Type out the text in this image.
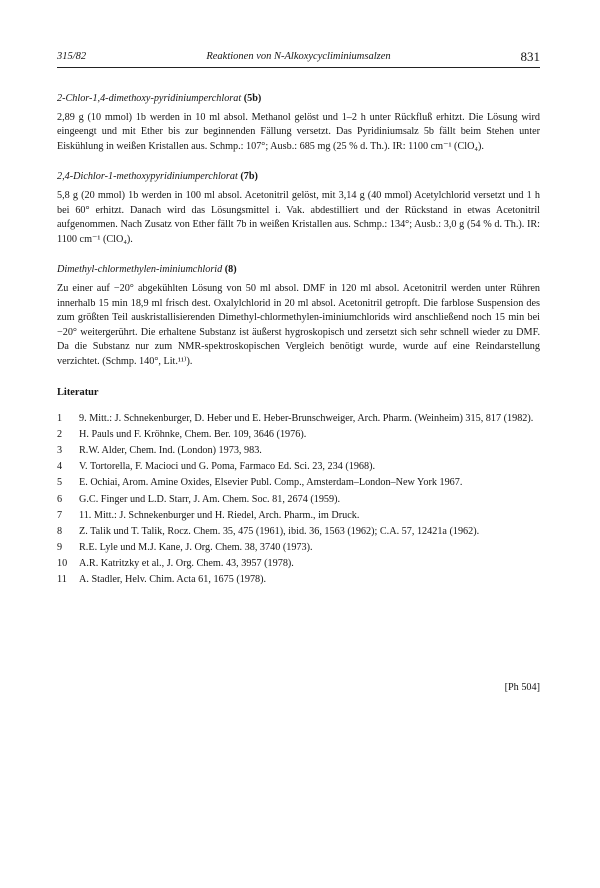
315/82	Reaktionen von N-Alkoxycycliminiumsalzen	831
2-Chlor-1,4-dimethoxy-pyridiniumperchlorat (5b)
2,89 g (10 mmol) 1b werden in 10 ml absol. Methanol gelöst und 1–2 h unter Rückfluß erhitzt. Die Lösung wird eingeengt und mit Ether bis zur beginnenden Fällung versetzt. Das Pyridiniumsalz 5b fällt beim Stehen unter Eiskühlung in weißen Kristallen aus. Schmp.: 107°; Ausb.: 685 mg (25 % d. Th.). IR: 1100 cm⁻¹ (ClO₄).
2,4-Dichlor-1-methoxypyridiniumperchlorat (7b)
5,8 g (20 mmol) 1b werden in 100 ml absol. Acetonitril gelöst, mit 3,14 g (40 mmol) Acetylchlorid versetzt und 1 h bei 60° erhitzt. Danach wird das Lösungsmittel i. Vak. abdestilliert und der Rückstand in etwas Acetonitril aufgenommen. Nach Zusatz von Ether fällt 7b in weißen Kristallen aus. Schmp.: 134°; Ausb.: 3,0 g (54 % d. Th.). IR: 1100 cm⁻¹ (ClO₄).
Dimethyl-chlormethylen-iminiumchlorid (8)
Zu einer auf −20° abgekühlten Lösung von 50 ml absol. DMF in 120 ml absol. Acetonitril werden unter Rühren innerhalb 15 min 18,9 ml frisch dest. Oxalylchlorid in 20 ml absol. Acetonitril getropft. Die farblose Suspension des zum größten Teil auskristallisierenden Dimethyl-chlormethylen-iminiumchlorids wird anschließend noch 15 min bei −20° weitergerührt. Die erhaltene Substanz ist äußerst hygroskopisch und zersetzt sich sehr schnell wieder zu DMF. Da die Substanz nur zum NMR-spektroskopischen Vergleich benötigt wurde, wurde auf eine Reindarstellung verzichtet. (Schmp. 140°, Lit.¹¹⁾).
Literatur
1	9. Mitt.: J. Schnekenburger, D. Heber und E. Heber-Brunschweiger, Arch. Pharm. (Weinheim) 315, 817 (1982).
2	H. Pauls und F. Kröhnke, Chem. Ber. 109, 3646 (1976).
3	R.W. Alder, Chem. Ind. (London) 1973, 983.
4	V. Tortorella, F. Macioci und G. Poma, Farmaco Ed. Sci. 23, 234 (1968).
5	E. Ochiai, Arom. Amine Oxides, Elsevier Publ. Comp., Amsterdam–London–New York 1967.
6	G.C. Finger und L.D. Starr, J. Am. Chem. Soc. 81, 2674 (1959).
7	11. Mitt.: J. Schnekenburger und H. Riedel, Arch. Pharm., im Druck.
8	Z. Talik und T. Talik, Rocz. Chem. 35, 475 (1961), ibid. 36, 1563 (1962); C.A. 57, 12421a (1962).
9	R.E. Lyle und M.J. Kane, J. Org. Chem. 38, 3740 (1973).
10	A.R. Katritzky et al., J. Org. Chem. 43, 3957 (1978).
11	A. Stadler, Helv. Chim. Acta 61, 1675 (1978).
[Ph 504]
